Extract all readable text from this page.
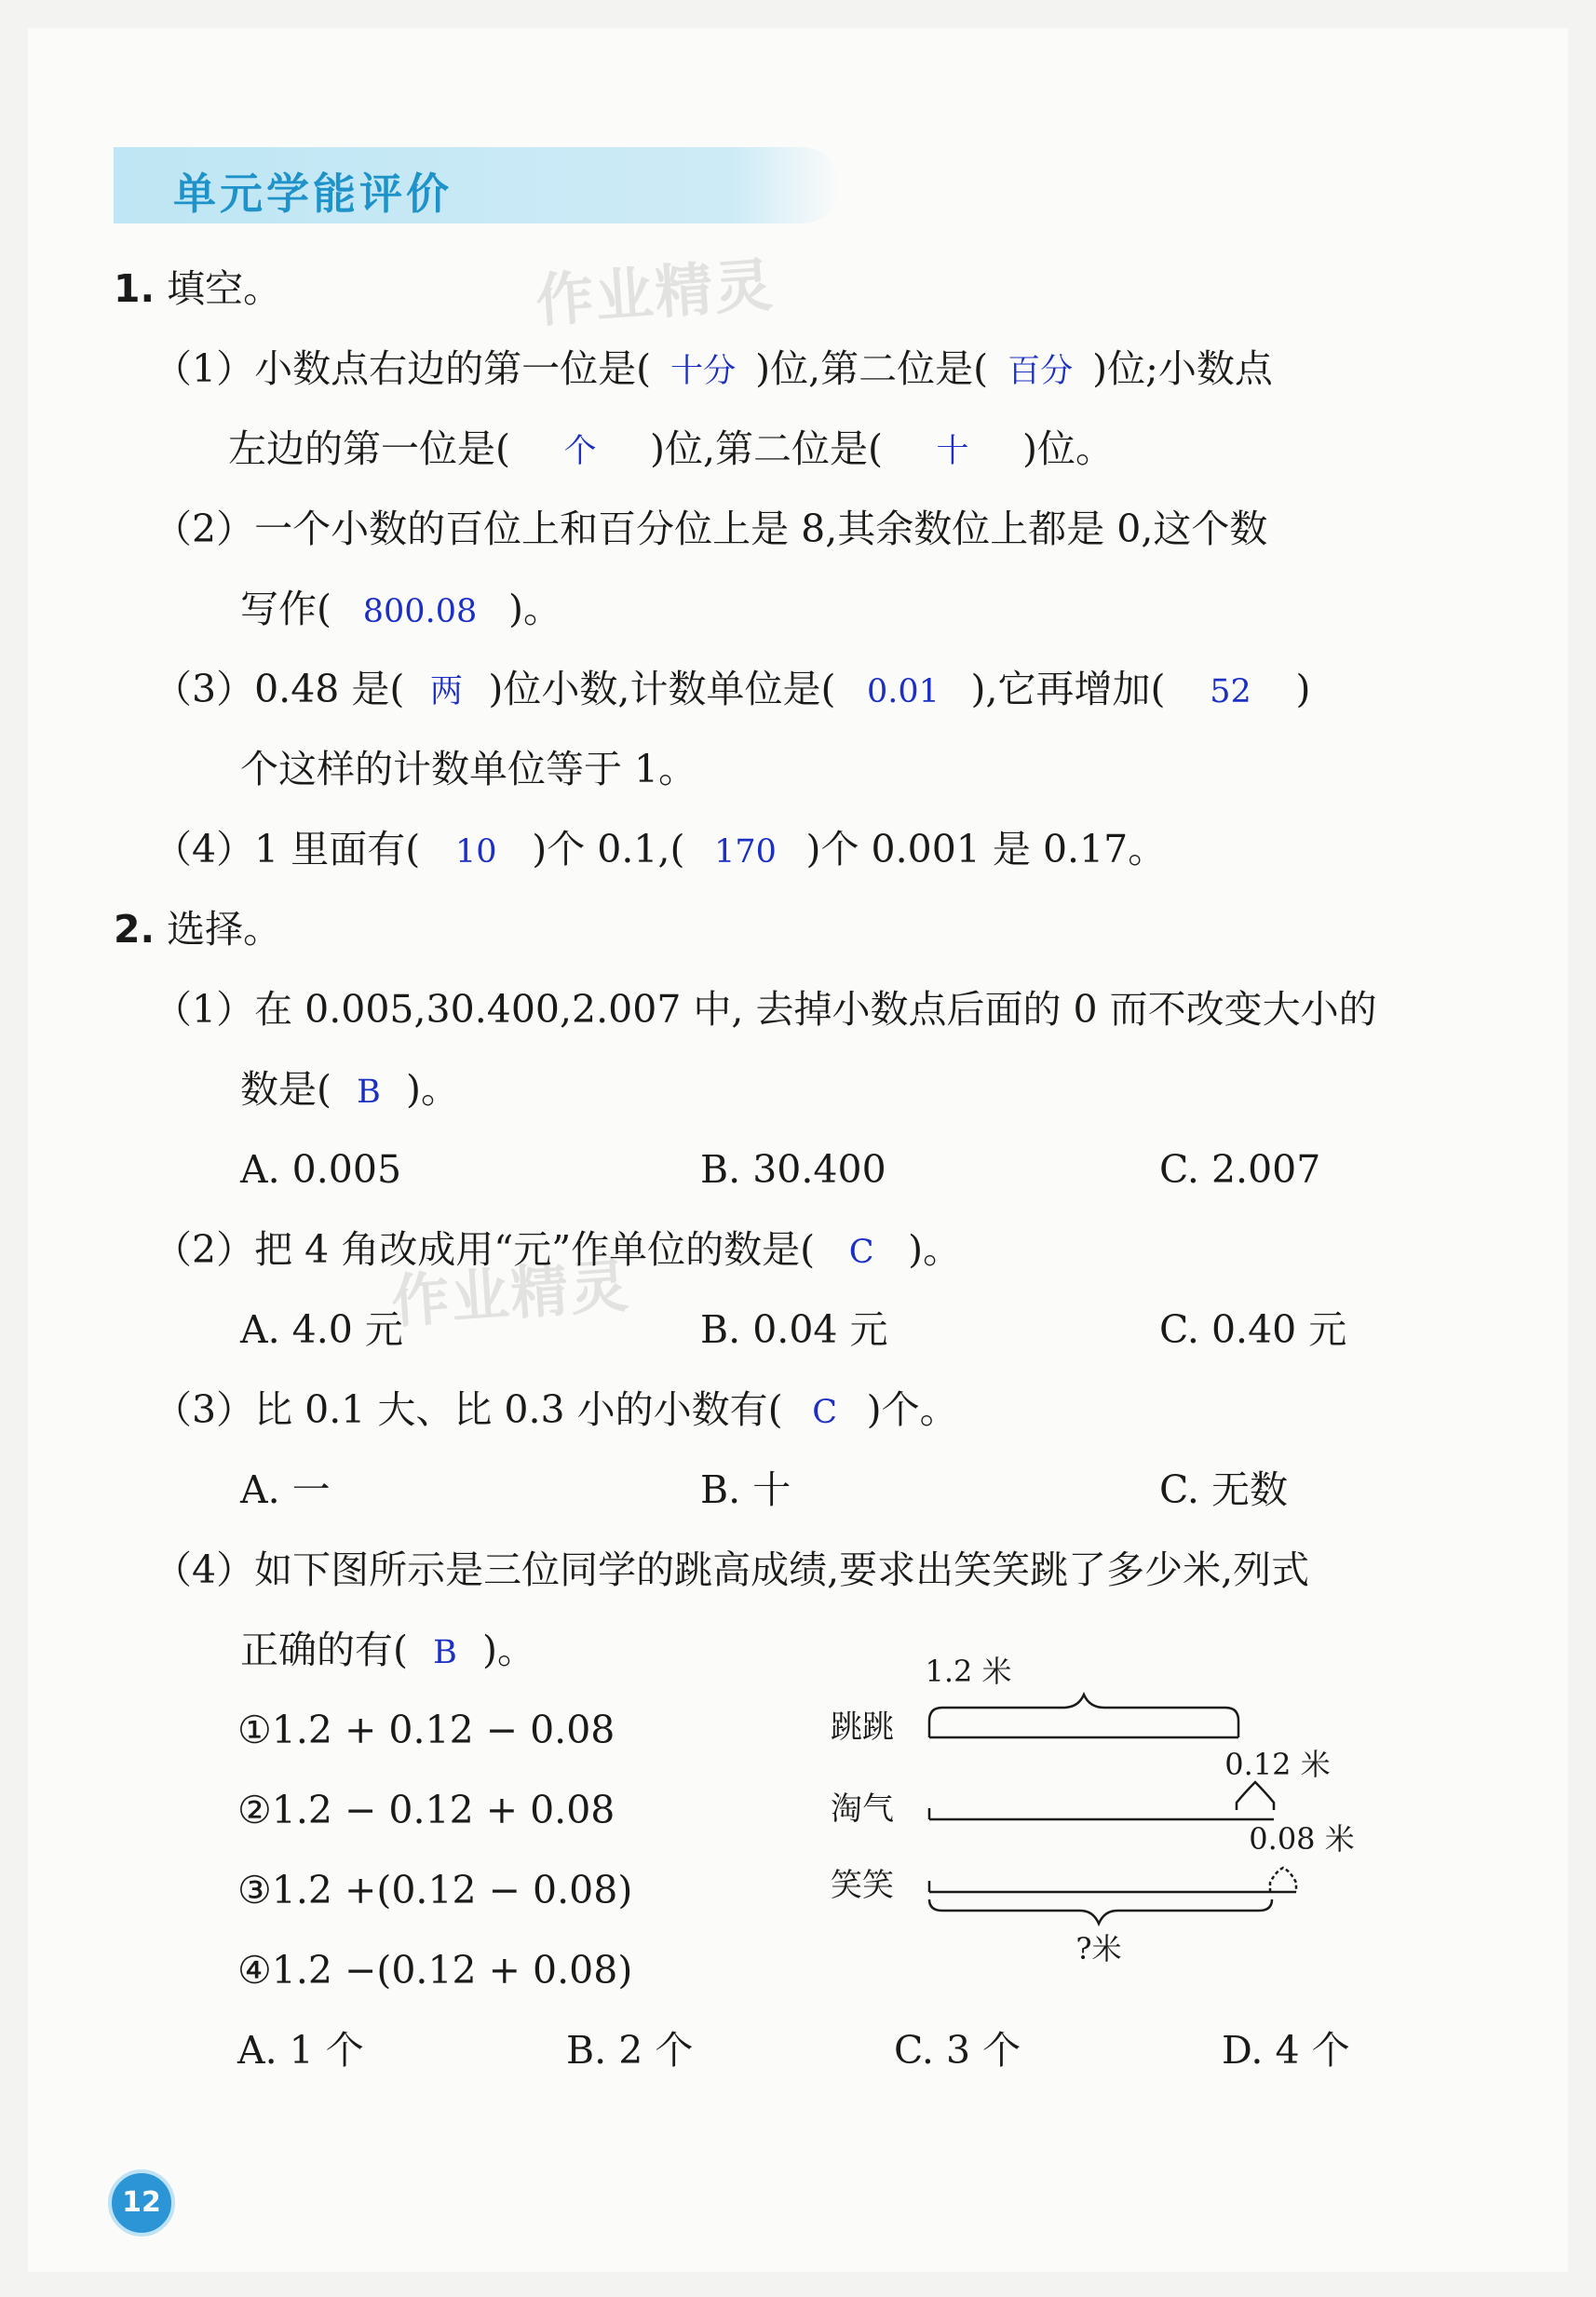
单元学能评价
作业精灵
作业精灵
1. 填空。
（1）小数点右边的第一位是( 十分 )位,第二位是( 百分 )位;小数点
左边的第一位是( 个 )位,第二位是( 十 )位。
（2）一个小数的百位上和百分位上是 8,其余数位上都是 0,这个数
写作( 800.08 )。
（3）0.48 是( 两 )位小数,计数单位是( 0.01 ),它再增加( 52 )
个这样的计数单位等于 1。
（4）1 里面有( 10 )个 0.1,( 170 )个 0.001 是 0.17。
2. 选择。
（1）在 0.005,30.400,2.007 中, 去掉小数点后面的 0 而不改变大小的
数是( B )。
A. 0.005	B. 30.400	C. 2.007
（2）把 4 角改成用“元”作单位的数是( C )。
A. 4.0 元	B. 0.04 元	C. 0.40 元
（3）比 0.1 大、比 0.3 小的小数有( C )个。
A. 一	B. 十	C. 无数
（4）如下图所示是三位同学的跳高成绩,要求出笑笑跳了多少米,列式
正确的有( B )。
①1.2 + 0.12 − 0.08
②1.2 − 0.12 + 0.08
③1.2 +(0.12 − 0.08)
④1.2 −(0.12 + 0.08)
A. 1 个	B. 2 个	C. 3 个	D. 4 个
1.2 米
跳跳
0.12 米
淘气
0.08 米
笑笑
?米
12
